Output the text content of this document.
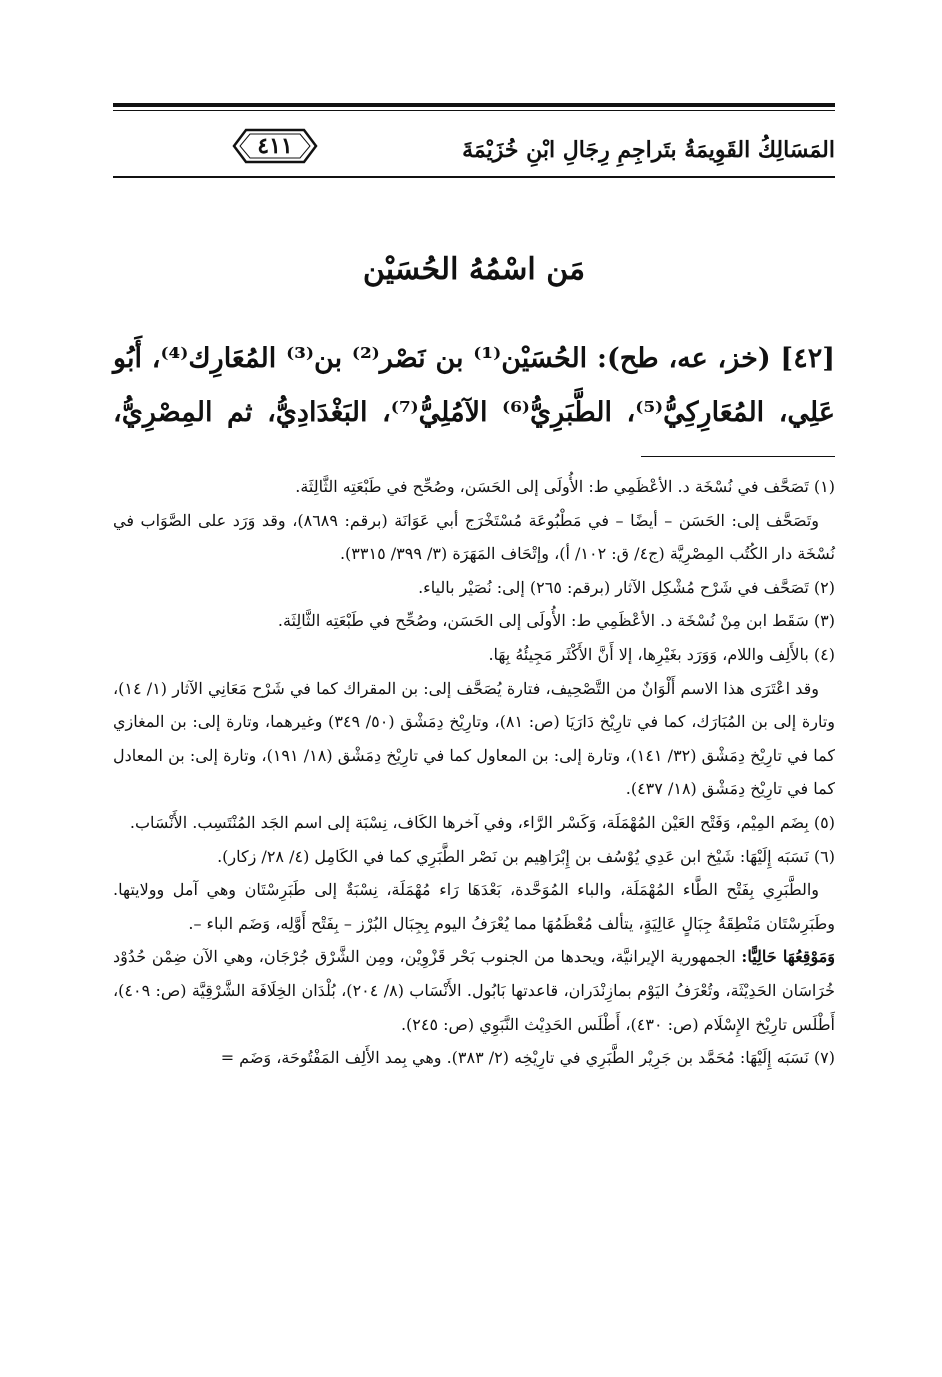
المَسَالِكُ القَوِيمَةُ بتَراجِمِ رِجَالِ ابْنِ خُزَيْمَةَ
٤١١
مَن اسْمُهُ الحُسَيْن
[٤٢] (خز، عه، طح): الحُسَيْن⁽¹⁾ بن نَصْر⁽²⁾ بن⁽³⁾ المُعَارِك⁽⁴⁾، أَبُو عَلِي، المُعَارِكِيُّ⁽⁵⁾، الطَّبَرِيُّ⁽⁶⁾ الآمُلِيُّ⁽⁷⁾، البَغْدَادِيُّ، ثم المِصْرِيُّ،

(١) تَصَحَّف في نُسْخَة د. الأعْظَمِي ط: الأُولَى إلى الحَسَن، وصُحِّح في طَبْعَتِه الثَّالِثَة.

وتَصَحَّف إلى: الحَسَن – أيضًا – في مَطْبُوعَة مُسْتَخْرَج أبي عَوَانَة (برقم: ٨٦٨٩)، وقد وَرَد على الصَّوَاب في نُسْخَة دار الكُتُب المِصْرِيَّة (ج٤/ ق: ١٠٢/ أ)، وإتْحَاف المَهَرَة (٣/ ٣٩٩/ ٣٣١٥).

(٢) تَصَحَّف في شَرْح مُشْكِل الآثار (برقم: ٢٦٥) إلى: نُصَيْر بالياء.

(٣) سَقَط ابن مِنْ نُسْخَة د. الأعْظَمِي ط: الأُولَى إلى الحَسَن، وصُحِّح في طَبْعَتِه الثَّالِثَة.

(٤) بالأَلِف واللام، وَوَرَد بغَيْرِها، إلا أَنَّ الأَكْثَر مَجِيئُهُ بِهَا.

وقد اعْتَرَى هذا الاسم أَلْوَانٌ من التَّصْحِيف، فتارة يُصَحَّف إلى: بن المقراك كما في شَرْح مَعَانِي الآثار (١/ ١٤)، وتارة إلى بن المُبَارَك، كما في تارِيْخ دَارَيَا (ص: ٨١)، وتارِيْخ دِمَشْق (٥٠/ ٣٤٩) وغيرهما، وتارة إلى: بن المغازي كما في تارِيْخ دِمَشْق (٣٢/ ١٤١)، وتارة إلى: بن المعاول كما في تارِيْخ دِمَشْق (١٨/ ١٩١)، وتارة إلى: بن المعادل كما في تارِيْخ دِمَشْق (١٨/ ٤٣٧).

(٥) بِضَم المِيْم، وَفَتْح العَيْن المُهْمَلَة، وَكَسْر الرَّاء، وفي آخرها الكَاف، نِسْبَة إلى اسم الجَد المُنْتَسِب. الأَنْسَاب.

(٦) نَسَبَه إِلَيْهَا: شَيْخ ابن عَدِي يُوْسُف بن إِبْرَاهِيم بن نَصْر الطَّبَرِي كما في الكَامِل (٤/ ٢٨/ زكار).

والطَّبَرِي بِفَتْح الطَّاء المُهْمَلَة، والباء المُوَحَّدة، بَعْدَهَا رَاء مُهْمَلَة، نِسْبَةٌ إلى طَبَرِسْتَان وهي آمل وولايتها. وطَبَرِسْتَان مَنْطِقَةُ جِبَالٍ عَالِيَةٍ، يتألف مُعْظَمُهَا مما يُعْرَفُ اليوم بِجِبَال البُرْز – بِفَتْح أَوَّلِه، وَضَم الباء –.

وَمَوْقِعُهَا حَالِيًّا: الجمهورية الإيرانيَّة، ويحدها من الجنوب بَحْر قَزْوِيْن، ومِن الشَّرْق جُرْجَان، وهي الآن ضِمْن حُدُوْد خُرَاسَان الحَدِيْثَة، وتُعْرَفُ اليَوْم بمازِنْدَران، قاعدتها بَابُول. الأَنْسَاب (٨/ ٢٠٤)، بُلْدَان الخِلَافَة الشَّرْقِيَّة (ص: ٤٠٩)، أَطْلَس تارِيْخ الإِسْلَام (ص: ٤٣٠)، أَطْلَس الحَدِيْث النَّبَوِي (ص: ٢٤٥).

(٧) نَسَبَه إِلَيْهَا: مُحَمَّد بن جَرِيْر الطَّبَرِي في تارِيْخِه (٢/ ٣٨٣). وهي بِمد الأَلِف المَفْتُوحَة، وَضَم =
